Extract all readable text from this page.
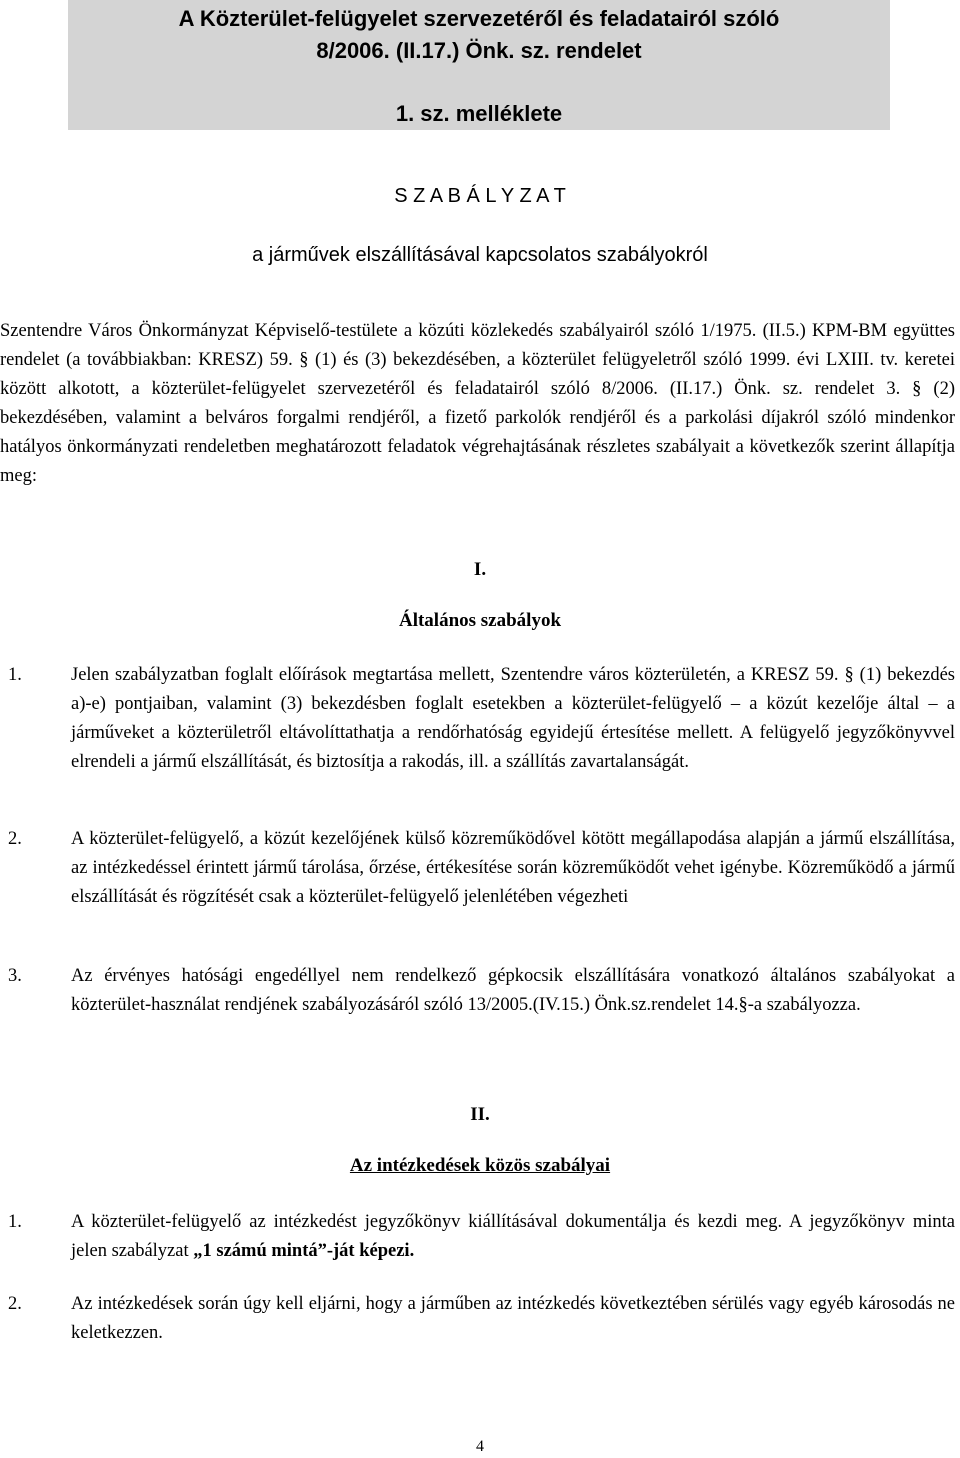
A Közterület-felügyelet szervezetéről és feladatairól szóló
8/2006. (II.17.) Önk. sz. rendelet
1. sz. melléklete
S Z A B Á L Y Z A T
a járművek elszállításával kapcsolatos szabályokról
Szentendre Város Önkormányzat Képviselő-testülete a közúti közlekedés szabályairól szóló 1/1975. (II.5.) KPM-BM együttes rendelet (a továbbiakban: KRESZ) 59. § (1) és (3) bekezdésében, a közterület felügyeletről szóló 1999. évi LXIII. tv. keretei között alkotott, a közterület-felügyelet szervezetéről és feladatairól szóló 8/2006. (II.17.) Önk. sz. rendelet 3. § (2) bekezdésében, valamint a belváros forgalmi rendjéről, a fizető parkolók rendjéről és a parkolási díjakról szóló mindenkor hatályos önkormányzati rendeletben meghatározott feladatok végrehajtásának részletes szabályait a következők szerint állapítja meg:
I.
Általános szabályok
1.	Jelen szabályzatban foglalt előírások megtartása mellett, Szentendre város közterületén, a KRESZ 59. § (1) bekezdés a)-e) pontjaiban, valamint (3) bekezdésben foglalt esetekben a közterület-felügyelő – a közút kezelője által – a járműveket a közterületről eltávolíttathatja a rendőrhatóság egyidejű értesítése mellett. A felügyelő jegyzőkönyvvel elrendeli a jármű elszállítását, és biztosítja a rakodás, ill. a szállítás zavartalanságát.
2.	A közterület-felügyelő, a közút kezelőjének külső közreműködővel kötött megállapodása alapján a jármű elszállítása, az intézkedéssel érintett jármű tárolása, őrzése, értékesítése során közreműködőt vehet igénybe. Közreműködő a jármű elszállítását és rögzítését csak a közterület-felügyelő jelenlétében végezheti
3.	Az érvényes hatósági engedéllyel nem rendelkező gépkocsik elszállítására vonatkozó általános szabályokat a közterület-használat rendjének szabályozásáról szóló 13/2005.(IV.15.) Önk.sz.rendelet 14.§-a szabályozza.
II.
Az intézkedések közös szabályai
1.	A közterület-felügyelő az intézkedést jegyzőkönyv kiállításával dokumentálja és kezdi meg. A jegyzőkönyv minta jelen szabályzat „1 számú mintá”-ját képezi.
2.	Az intézkedések során úgy kell eljárni, hogy a járműben az intézkedés következtében sérülés vagy egyéb károsodás ne keletkezzen.
4
